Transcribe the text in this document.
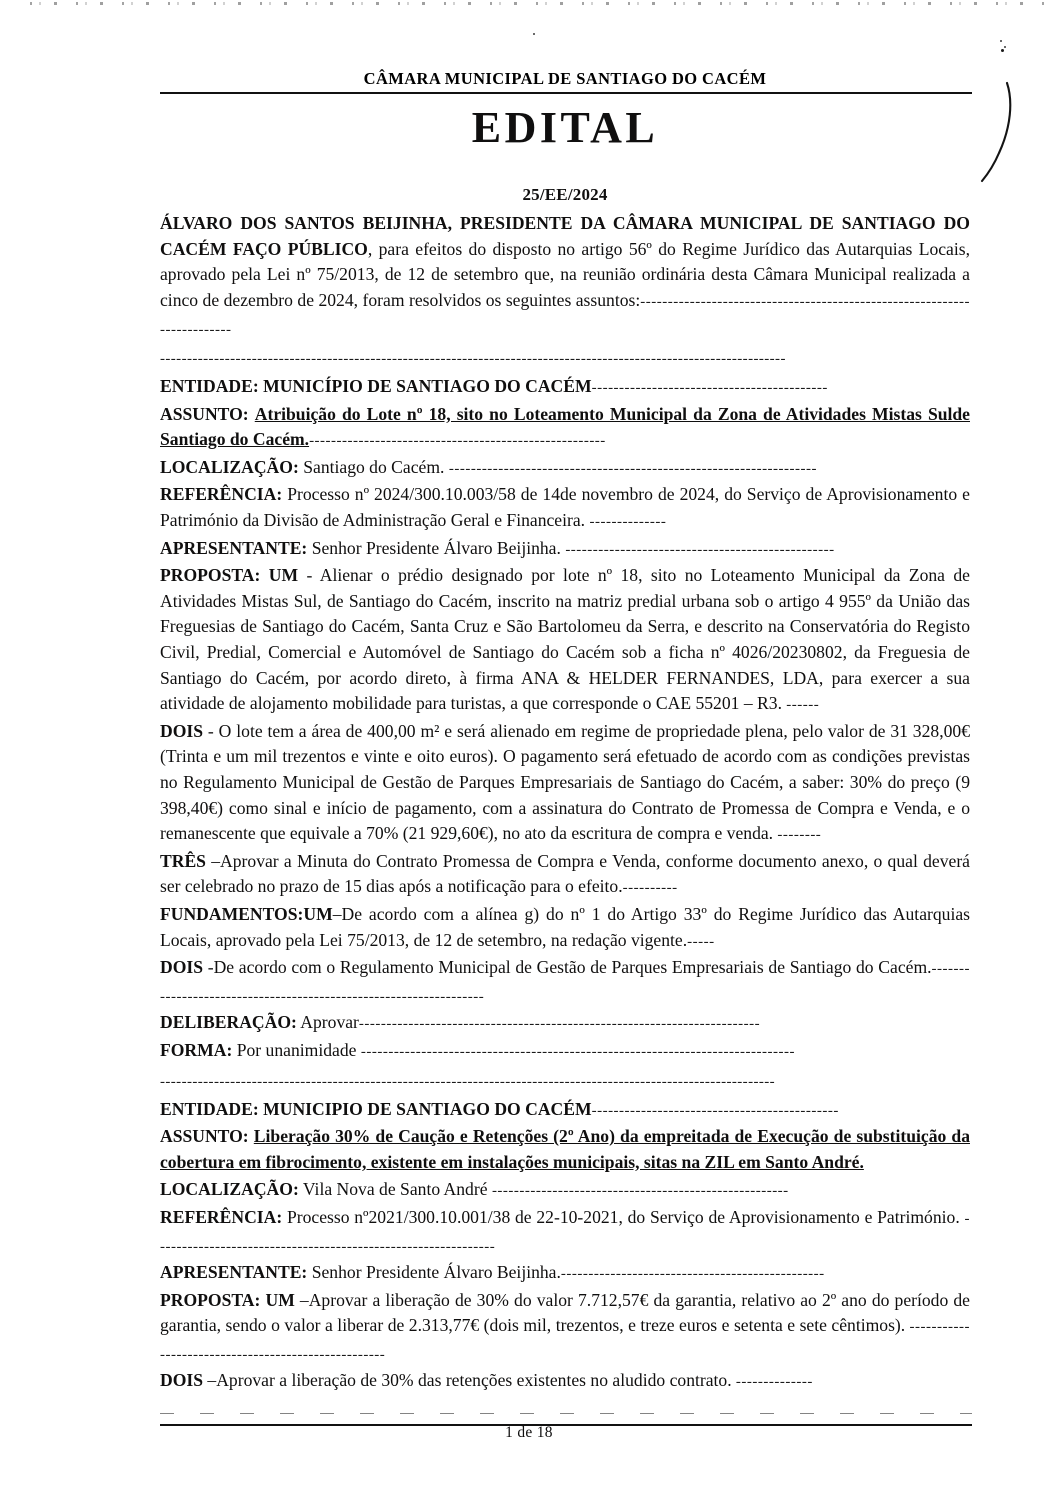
CÂMARA MUNICIPAL DE SANTIAGO DO CACÉM
EDITAL
25/EE/2024

ÁLVARO DOS SANTOS BEIJINHA, PRESIDENTE DA CÂMARA MUNICIPAL DE SANTIAGO DO CACÉM FAÇO PÚBLICO, para efeitos do disposto no artigo 56º do Regime Jurídico das Autarquias Locais, aprovado pela Lei nº 75/2013, de 12 de setembro que, na reunião ordinária desta Câmara Municipal realizada a cinco de dezembro de 2024, foram resolvidos os seguintes assuntos:-------------------------------------------------------------------------

--------------------------------------------------------------------------------------------------------------------

ENTIDADE: MUNICÍPIO DE SANTIAGO DO CACÉM-------------------------------------------

ASSUNTO: Atribuição do Lote nº 18, sito no Loteamento Municipal da Zona de Atividades Mistas Sulde Santiago do Cacém.------------------------------------------------------

LOCALIZAÇÃO: Santiago do Cacém. -------------------------------------------------------------------

REFERÊNCIA: Processo nº 2024/300.10.003/58 de 14de novembro de 2024, do Serviço de Aprovisionamento e Património da Divisão de Administração Geral e Financeira. --------------

APRESENTANTE: Senhor Presidente Álvaro Beijinha. -------------------------------------------------

PROPOSTA: UM - Alienar o prédio designado por lote nº 18, sito no Loteamento Municipal da Zona de Atividades Mistas Sul, de Santiago do Cacém, inscrito na matriz predial urbana sob o artigo 4 955º da União das Freguesias de Santiago do Cacém, Santa Cruz e São Bartolomeu da Serra, e descrito na Conservatória do Registo Civil, Predial, Comercial e Automóvel de Santiago do Cacém sob a ficha nº 4026/20230802, da Freguesia de Santiago do Cacém, por acordo direto, à firma ANA & HELDER FERNANDES, LDA, para exercer a sua atividade de alojamento mobilidade para turistas, a que corresponde o CAE 55201 – R3. ------

DOIS - O lote tem a área de 400,00 m² e será alienado em regime de propriedade plena, pelo valor de 31 328,00€ (Trinta e um mil trezentos e vinte e oito euros). O pagamento será efetuado de acordo com as condições previstas no Regulamento Municipal de Gestão de Parques Empresariais de Santiago do Cacém, a saber: 30% do preço (9 398,40€) como sinal e início de pagamento, com a assinatura do Contrato de Promessa de Compra e Venda, e o remanescente que equivale a 70% (21 929,60€), no ato da escritura de compra e venda. --------

TRÊS –Aprovar a Minuta do Contrato Promessa de Compra e Venda, conforme documento anexo, o qual deverá ser celebrado no prazo de 15 dias após a notificação para o efeito.----------

FUNDAMENTOS:UM–De acordo com a alínea g) do nº 1 do Artigo 33º do Regime Jurídico das Autarquias Locais, aprovado pela Lei 75/2013, de 12 de setembro, na redação vigente.-----

DOIS -De acordo com o Regulamento Municipal de Gestão de Parques Empresariais de Santiago do Cacém.------------------------------------------------------------------

DELIBERAÇÃO: Aprovar-------------------------------------------------------------------------

FORMA: Por unanimidade -------------------------------------------------------------------------------

------------------------------------------------------------------------------------------------------------------

ENTIDADE: MUNICIPIO DE SANTIAGO DO CACÉM---------------------------------------------

ASSUNTO: Liberação 30% de Caução e Retenções (2º Ano) da empreitada de Execução de substituição da cobertura em fibrocimento, existente em instalações municipais, sitas na ZIL em Santo André.

LOCALIZAÇÃO: Vila Nova de Santo André ------------------------------------------------------

REFERÊNCIA: Processo nº2021/300.10.001/38 de 22-10-2021, do Serviço de Aprovisionamento e Património. --------------------------------------------------------------

APRESENTANTE: Senhor Presidente Álvaro Beijinha.------------------------------------------------

PROPOSTA: UM –Aprovar a liberação de 30% do valor 7.712,57€ da garantia, relativo ao 2º ano do período de garantia, sendo o valor a liberar de 2.313,77€ (dois mil, trezentos, e treze euros e setenta e sete cêntimos). ----------------------------------------------------

DOIS –Aprovar a liberação de 30% das retenções existentes no aludido contrato. --------------

1 de 18
